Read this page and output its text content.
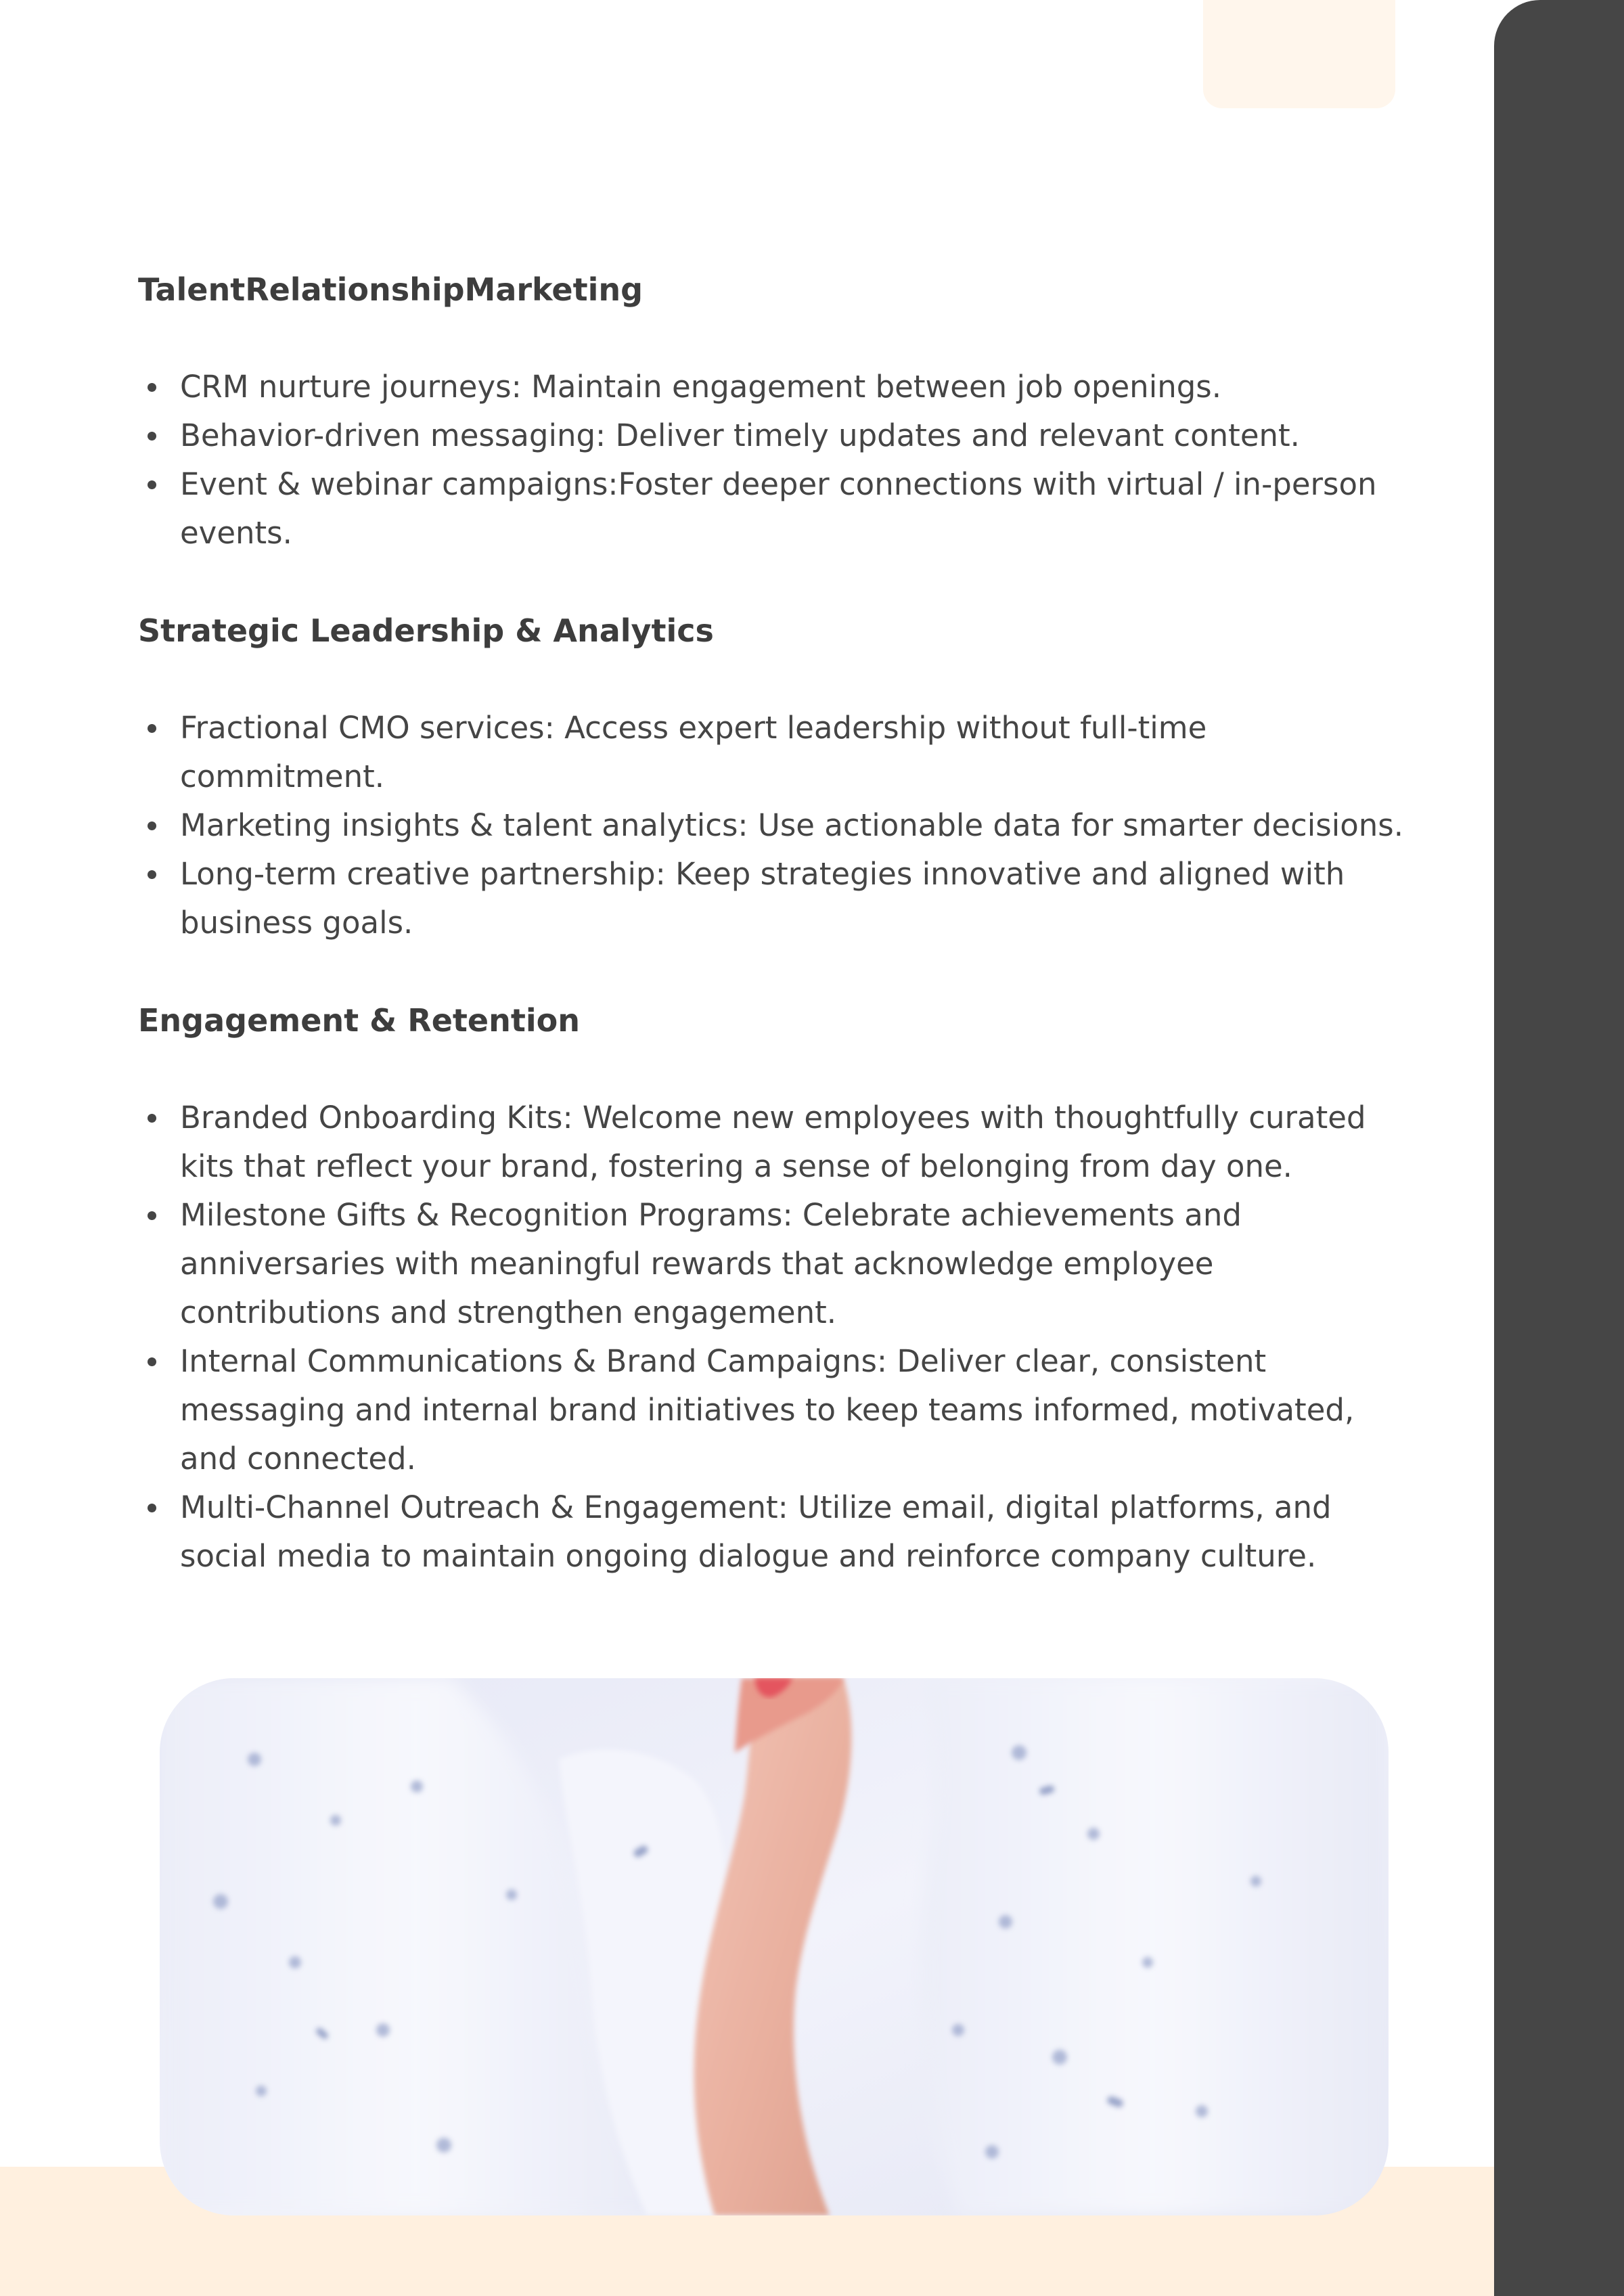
TalentRelationshipMarketing
CRM nurture journeys: Maintain engagement between job openings.
Behavior-driven messaging: Deliver timely updates and relevant content.
Event & webinar campaigns:Foster deeper connections with virtual / in-person events.
Strategic Leadership & Analytics
Fractional CMO services: Access expert leadership without full-time commitment.
Marketing insights & talent analytics: Use actionable data for smarter decisions.
Long-term creative partnership: Keep strategies innovative and aligned with business goals.
Engagement & Retention
Branded Onboarding Kits: Welcome new employees with thoughtfully curated kits that reflect your brand, fostering a sense of belonging from day one.
Milestone Gifts & Recognition Programs: Celebrate achievements and anniversaries with meaningful rewards that acknowledge employee contributions and strengthen engagement.
Internal Communications & Brand Campaigns: Deliver clear, consistent messaging and internal brand initiatives to keep teams informed, motivated, and connected.
Multi-Channel Outreach & Engagement: Utilize email, digital platforms, and social media to maintain ongoing dialogue and reinforce company culture.
